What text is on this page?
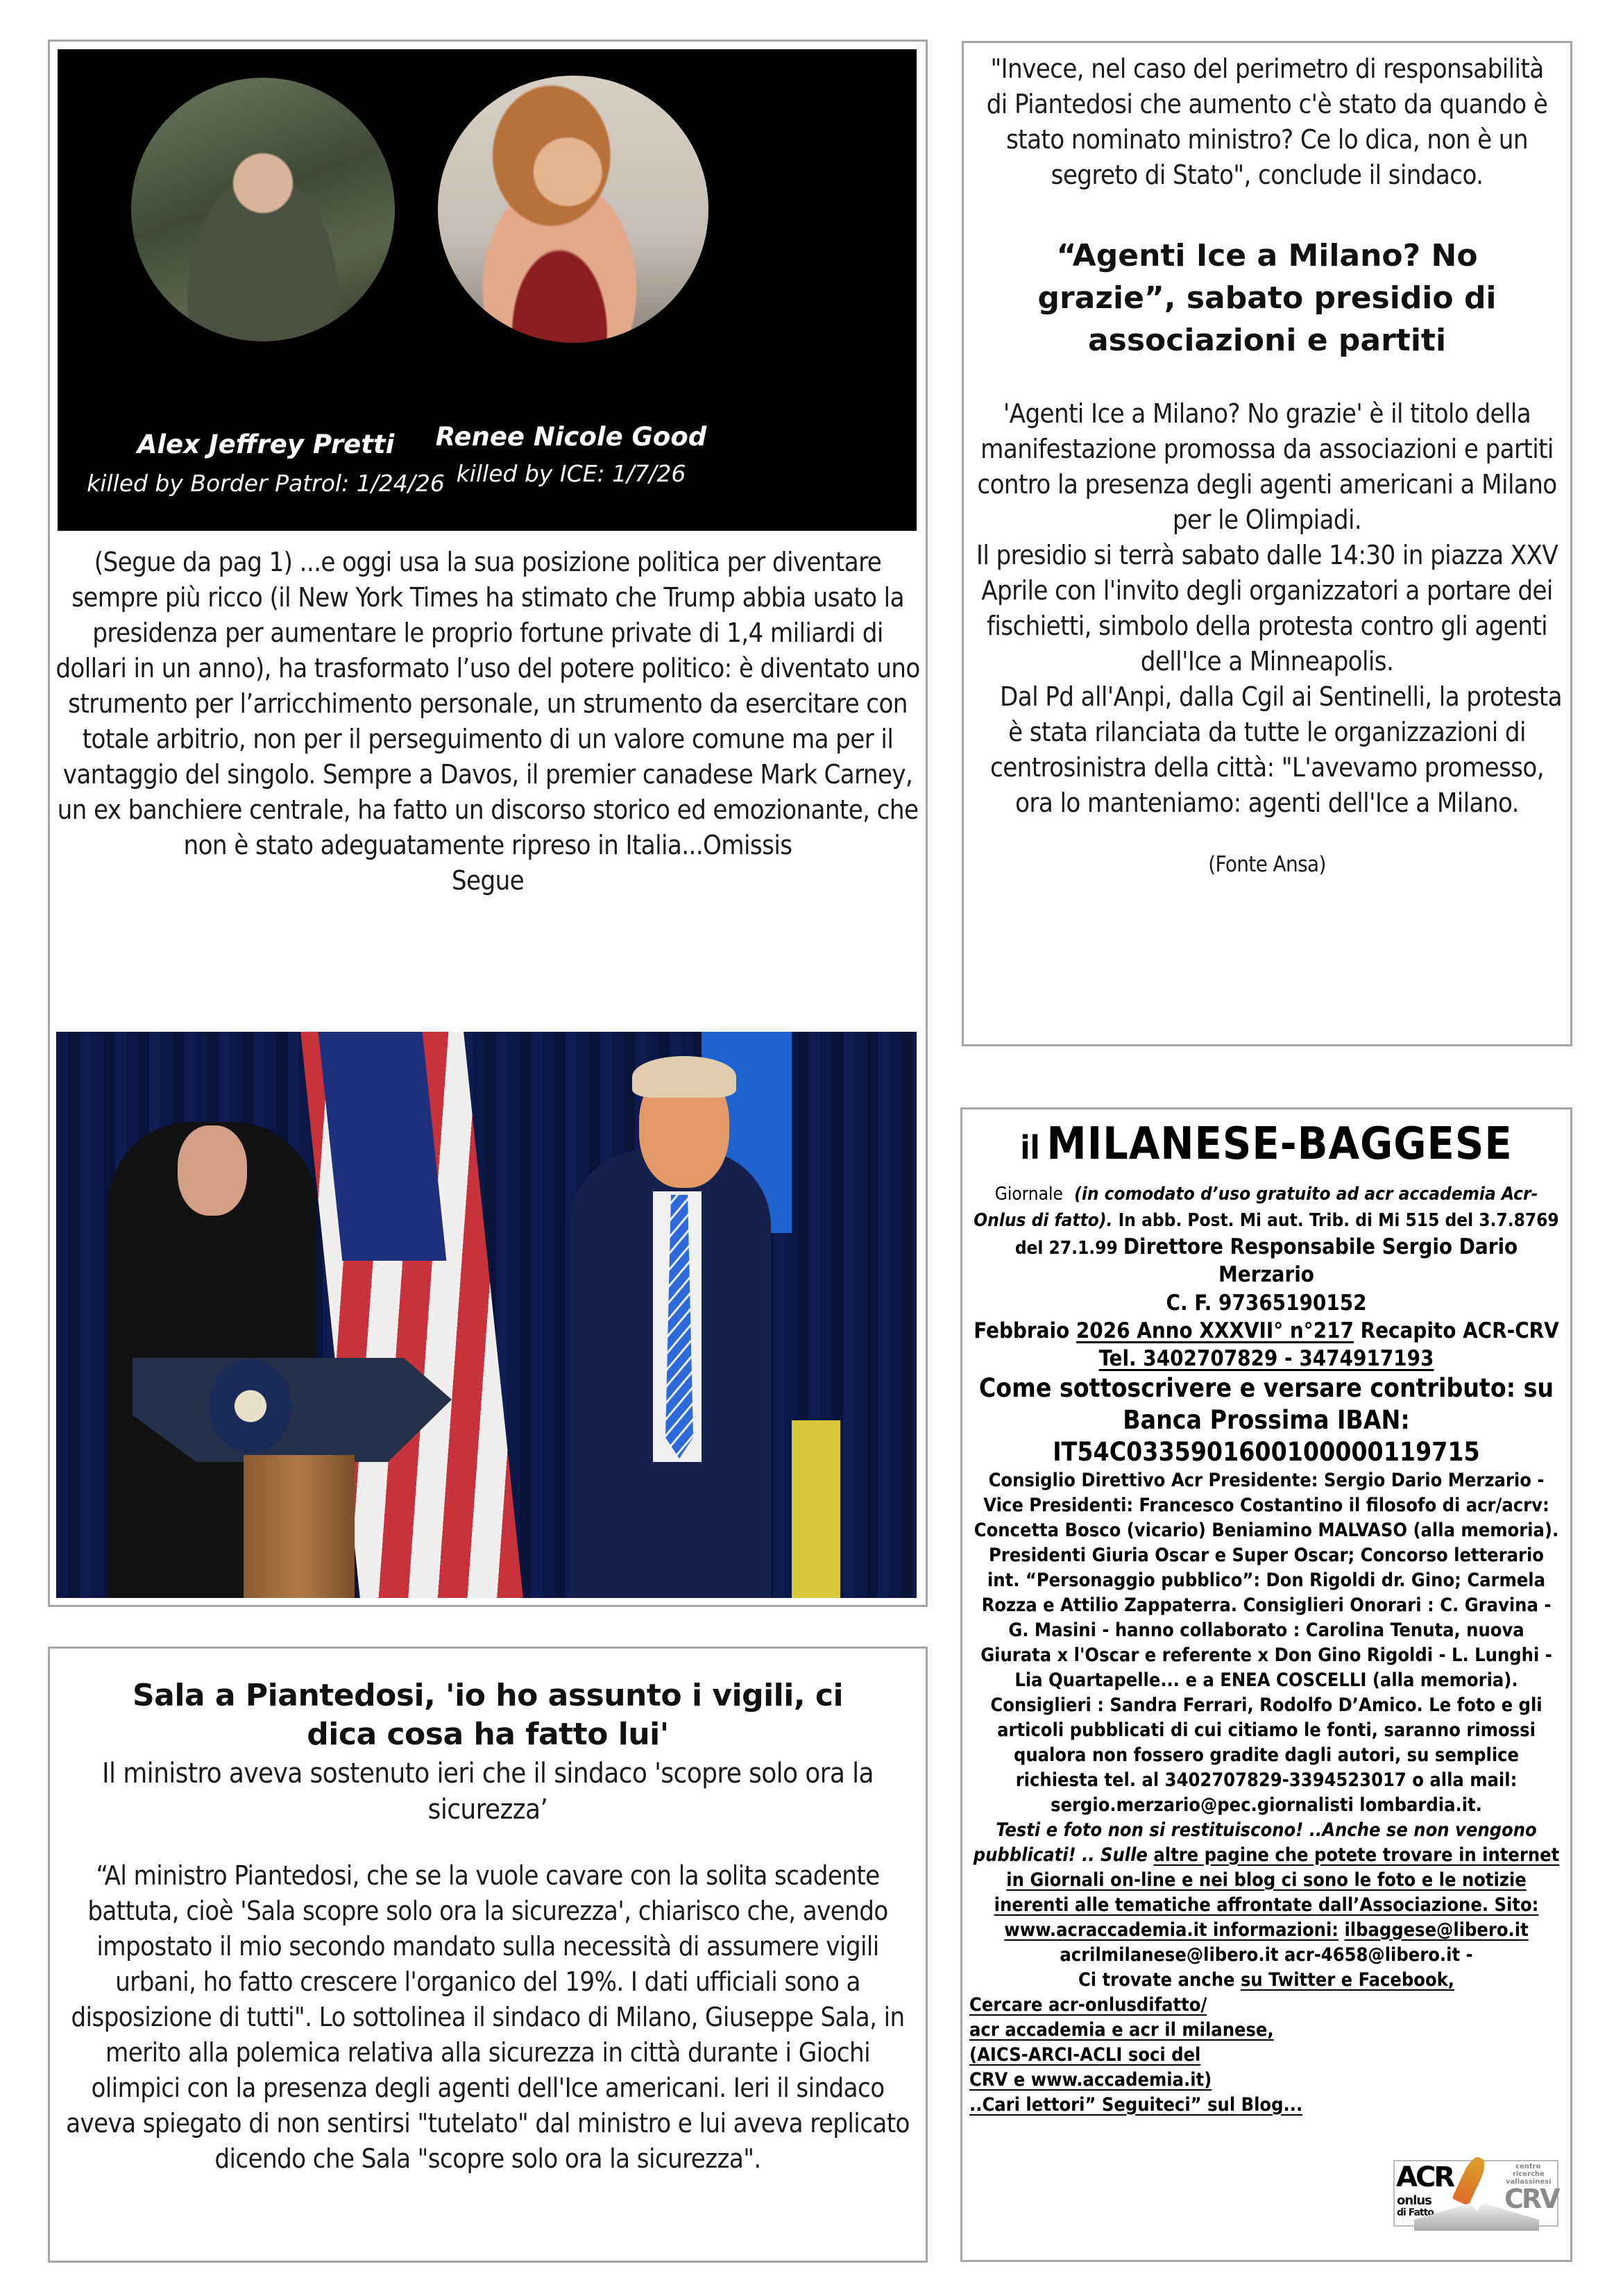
Alex Jeffrey Pretti
killed by Border Patrol: 1/24/26
Renee Nicole Good
killed by ICE: 1/7/26
(Segue da pag 1) ...e oggi usa la sua posizione politica per diventare sempre più ricco (il New York Times ha stimato che Trump abbia usato la presidenza per aumentare le proprio fortune private di 1,4 miliardi di dollari in un anno), ha trasformato l’uso del potere politico: è diventato uno strumento per l’arricchimento personale, un strumento da esercitare con totale arbitrio, non per il perseguimento di un valore comune ma per il vantaggio del singolo. Sempre a Davos, il premier canadese Mark Carney, un ex banchiere centrale, ha fatto un discorso storico ed emozionante, che non è stato adeguatamente ripreso in Italia...Omissis
Segue
Sala a Piantedosi, 'io ho assunto i vigili, ci dica cosa ha fatto lui'
Il ministro aveva sostenuto ieri che il sindaco 'scopre solo ora la sicurezza’
“Al ministro Piantedosi, che se la vuole cavare con la solita scadente battuta, cioè 'Sala scopre solo ora la sicurezza', chiarisco che, avendo impostato il mio secondo mandato sulla necessità di assumere vigili urbani, ho fatto crescere l'organico del 19%. I dati ufficiali sono a disposizione di tutti". Lo sottolinea il sindaco di Milano, Giuseppe Sala, in merito alla polemica relativa alla sicurezza in città durante i Giochi olimpici con la presenza degli agenti dell'Ice americani. Ieri il sindaco aveva spiegato di non sentirsi "tutelato" dal ministro e lui aveva replicato dicendo che Sala "scopre solo ora la sicurezza".
"Invece, nel caso del perimetro di responsabilità di Piantedosi che aumento c'è stato da quando è stato nominato ministro? Ce lo dica, non è un segreto di Stato", conclude il sindaco.
“Agenti Ice a Milano? No grazie”, sabato presidio di associazioni e partiti
'Agenti Ice a Milano? No grazie' è il titolo della manifestazione promossa da associazioni e partiti contro la presenza degli agenti americani a Milano per le Olimpiadi.
Il presidio si terrà sabato dalle 14:30 in piazza XXV Aprile con l'invito degli organizzatori a portare dei fischietti, simbolo della protesta contro gli agenti dell'Ice a Minneapolis.
Dal Pd all'Anpi, dalla Cgil ai Sentinelli, la protesta è stata rilanciata da tutte le organizzazioni di centrosinistra della città: "L'avevamo promesso, ora lo manteniamo: agenti dell'Ice a Milano.
(Fonte Ansa)
il MILANESE-BAGGESE
Giornale (in comodato d’uso gratuito ad acr accademia Acr- Onlus di fatto). In abb. Post. Mi aut. Trib. di Mi 515 del 3.7.8769 del 27.1.99 Direttore Responsabile Sergio Dario Merzario
C. F. 97365190152
Febbraio 2026 Anno XXXVII° n°217 Recapito ACR-CRV Tel. 3402707829 - 3474917193
Come sottoscrivere e versare contributo: su Banca Prossima IBAN:
IT54C0335901600100000119715
Consiglio Direttivo Acr Presidente: Sergio Dario Merzario - Vice Presidenti: Francesco Costantino il filosofo di acr/acrv: Concetta Bosco (vicario) Beniamino MALVASO (alla memoria). Presidenti Giuria Oscar e Super Oscar; Concorso letterario int. “Personaggio pubblico”: Don Rigoldi dr. Gino; Carmela Rozza e Attilio Zappaterra. Consiglieri Onorari : C. Gravina - G. Masini - hanno collaborato : Carolina Tenuta, nuova Giurata x l'Oscar e referente x Don Gino Rigoldi - L. Lunghi - Lia Quartapelle... e a ENEA COSCELLI (alla memoria). Consiglieri : Sandra Ferrari, Rodolfo D’Amico. Le foto e gli articoli pubblicati di cui citiamo le fonti, saranno rimossi qualora non fossero gradite dagli autori, su semplice richiesta tel. al 3402707829-3394523017 o alla mail: sergio.merzario@pec.giornalisti lombardia.it.
Testi e foto non si restituiscono! ..Anche se non vengono pubblicati! .. Sulle altre pagine che potete trovare in internet in Giornali on-line e nei blog ci sono le foto e le notizie inerenti alle tematiche affrontate dall’Associazione. Sito: www.acraccademia.it informazioni: ilbaggese@libero.it acrilmilanese@libero.it acr-4658@libero.it -
Ci trovate anche su Twitter e Facebook,
Cercare acr-onlusdifatto/
acr accademia e acr il milanese,
(AICS-ARCI-ACLI soci del
CRV e www.accademia.it)
..Cari lettori” Seguiteci” sul Blog...
ACR
onlus
di Fatto
centro
ricerche
vallassinesi
CRV
